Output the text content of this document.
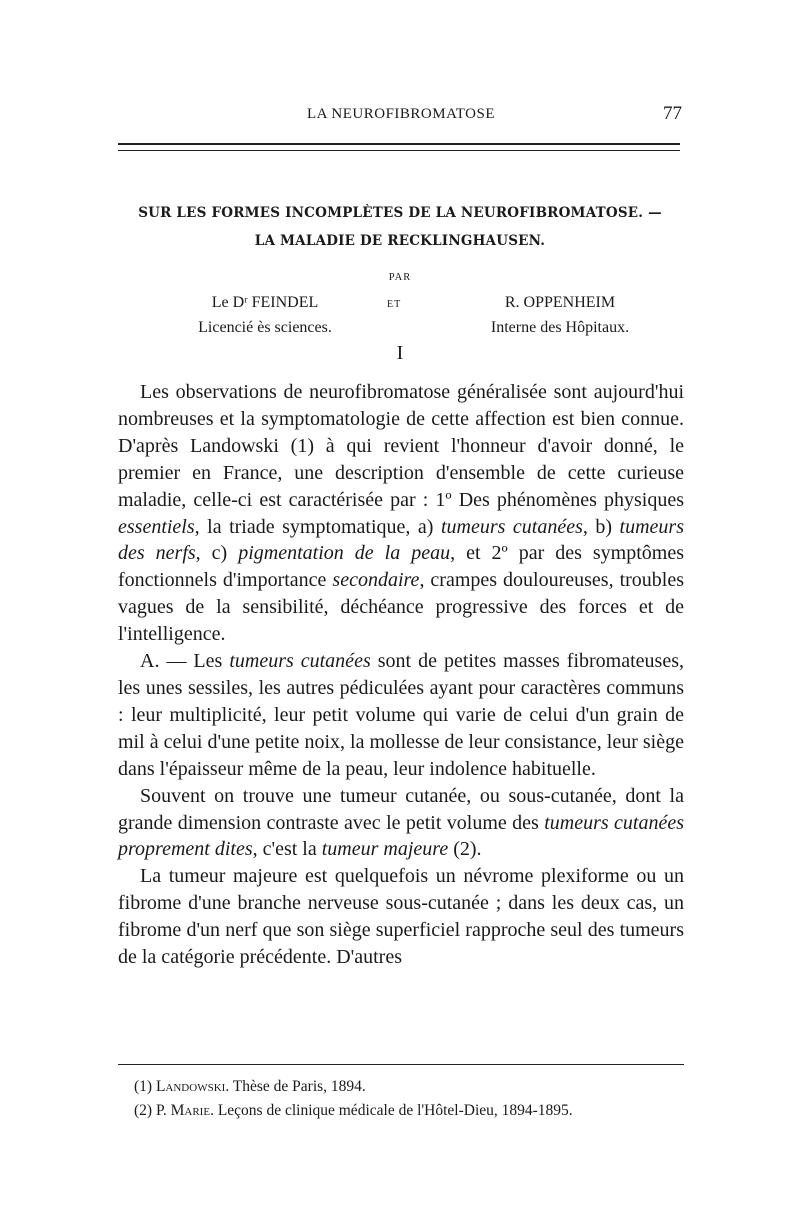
LA NEUROFIBROMATOSE	77
SUR LES FORMES INCOMPLÈTES DE LA NEUROFIBROMATOSE. —
LA MALADIE DE RECKLINGHAUSEN.
PAR
Le Dʳ FEINDEL
Licencié ès sciences.
ET	R. OPPENHEIM
Interne des Hôpitaux.
I

Les observations de neurofibromatose généralisée sont aujourd'hui nombreuses et la symptomatologie de cette affection est bien connue. D'après Landowski (1) à qui revient l'honneur d'avoir donné, le premier en France, une description d'ensemble de cette curieuse maladie, celle-ci est caractérisée par : 1º Des phénomènes physiques essentiels, la triade symptomatique, a) tumeurs cutanées, b) tumeurs des nerfs, c) pigmentation de la peau, et 2º par des symptômes fonctionnels d'importance secondaire, crampes douloureuses, troubles vagues de la sensibilité, déchéance progressive des forces et de l'intelligence.

A. — Les tumeurs cutanées sont de petites masses fibromateuses, les unes sessiles, les autres pédiculées ayant pour caractères communs : leur multiplicité, leur petit volume qui varie de celui d'un grain de mil à celui d'une petite noix, la mollesse de leur consistance, leur siège dans l'épaisseur même de la peau, leur indolence habituelle.

Souvent on trouve une tumeur cutanée, ou sous-cutanée, dont la grande dimension contraste avec le petit volume des tumeurs cutanées proprement dites, c'est la tumeur majeure (2).

La tumeur majeure est quelquefois un névrome plexiforme ou un fibrome d'une branche nerveuse sous-cutanée ; dans les deux cas, un fibrome d'un nerf que son siège superficiel rapproche seul des tumeurs de la catégorie précédente. D'autres

(1) Landowski. Thèse de Paris, 1894.

(2) P. Marie. Leçons de clinique médicale de l'Hôtel-Dieu, 1894-1895.
